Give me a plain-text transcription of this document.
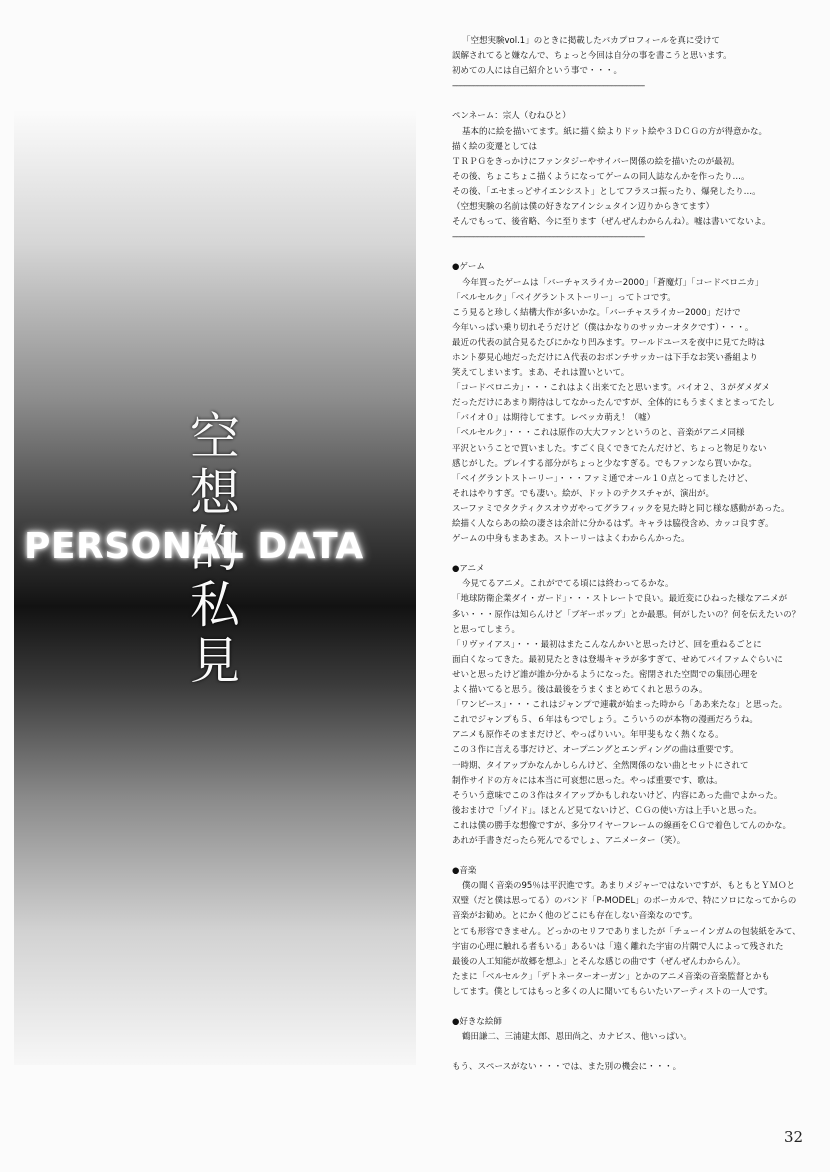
空想的私見
PERSONAL DATA
「空想実験vol.1」のときに掲載したバカプロフィールを真に受けて
誤解されてると嫌なんで、ちょっと今回は自分の事を書こうと思います。
初めての人には自己紹介という事で・・・。
---------------------------------------------------------------------------------------------
ペンネーム：宗人（むねひと）
基本的に絵を描いてます。紙に描く絵よりドット絵や３ＤＣＧの方が得意かな。
描く絵の変遷としては
ＴＲＰＧをきっかけにファンタジーやサイバー関係の絵を描いたのが最初。
その後、ちょこちょこ描くようになってゲームの同人誌なんかを作ったり…。
その後、「エセまっどサイエンシスト」としてフラスコ振ったり、爆発したり…。
（空想実験の名前は僕の好きなアインシュタイン辺りからきてます）
そんでもって、後省略、今に至ります（ぜんぜんわからんね）。嘘は書いてないよ。
---------------------------------------------------------------------------------------------
●ゲーム
今年買ったゲームは「バーチャスライカー2000」「蒼魔灯」「コードベロニカ」
「ベルセルク」「ベイグラントストーリー」ってトコです。
こう見ると珍しく結構大作が多いかな。「バーチャスライカー2000」だけで
今年いっぱい乗り切れそうだけど（僕はかなりのサッカーオタクです）・・・。
最近の代表の試合見るたびにかなり凹みます。ワールドユースを夜中に見てた時は
ホント夢見心地だっただけにＡ代表のおポンチサッカーは下手なお笑い番組より
笑えてしまいます。まあ、それは置いといて。
「コードベロニカ」・・・これはよく出来てたと思います。バイオ２、３がダメダメ
だっただけにあまり期待はしてなかったんですが、全体的にもうまくまとまってたし
「バイオ０」は期待してます。レベッカ萌え！（嘘）
「ベルセルク」・・・これは原作の大大ファンというのと、音楽がアニメ同様
平沢ということで買いました。すごく良くできてたんだけど、ちょっと物足りない
感じがした。プレイする部分がちょっと少なすぎる。でもファンなら買いかな。
「ベイグラントストーリー」・・・ファミ通でオール１０点とってましたけど、
それはやりすぎ。でも凄い。絵が、ドットのテクスチャが、演出が。
スーファミでタクティクスオウガやってグラフィックを見た時と同じ様な感動があった。
絵描く人ならあの絵の凄さは余計に分かるはず。キャラは脇役含め、カッコ良すぎ。
ゲームの中身もまあまあ。ストーリーはよくわからんかった。
●アニメ
今見てるアニメ。これがでてる頃には終わってるかな。
「地球防衛企業ダイ・ガード」・・・ストレートで良い。最近変にひねった様なアニメが
多い・・・原作は知らんけど「ブギーポップ」とか最悪。何がしたいの？何を伝えたいの？
と思ってしまう。
「リヴァイアス」・・・最初はまたこんなんかいと思ったけど、回を重ねるごとに
面白くなってきた。最初見たときは登場キャラが多すぎて、せめてバイファムぐらいに
せいと思ったけど誰が誰か分かるようになった。密閉された空間での集団心理を
よく描いてると思う。後は最後をうまくまとめてくれと思うのみ。
「ワンピース」・・・これはジャンプで連載が始まった時から「ああ来たな」と思った。
これでジャンプも５、６年はもつでしょう。こういうのが本物の漫画だろうね。
アニメも原作そのままだけど、やっぱりいい。年甲斐もなく熱くなる。
この３作に言える事だけど、オープニングとエンディングの曲は重要です。
一時期、タイアップかなんかしらんけど、全然関係のない曲とセットにされて
制作サイドの方々には本当に可哀想に思った。やっぱ重要です、歌は。
そういう意味でこの３作はタイアップかもしれないけど、内容にあった曲でよかった。
後おまけで「ゾイド」。ほとんど見てないけど、ＣＧの使い方は上手いと思った。
これは僕の勝手な想像ですが、多分ワイヤーフレームの線画をＣＧで着色してんのかな。
あれが手書きだったら死んでるでしょ、アニメーター（笑）。
●音楽
僕の聞く音楽の95％は平沢進です。あまりメジャーではないですが、もともとＹＭＯと
双璧（だと僕は思ってる）のバンド「P-MODEL」のボーカルで、特にソロになってからの
音楽がお勧め。とにかく他のどこにも存在しない音楽なのです。
とても形容できません。どっかのセリフでありましたが「チューインガムの包装紙をみて、
宇宙の心理に触れる者もいる」あるいは「遠く離れた宇宙の片隅で人によって残された
最後の人工知能が故郷を想ふ」とそんな感じの曲です（ぜんぜんわからん）。
たまに「ベルセルク」「デトネーターオーガン」とかのアニメ音楽の音楽監督とかも
してます。僕としてはもっと多くの人に聞いてもらいたいアーティストの一人です。
●好きな絵師
鶴田謙二、三浦建太郎、恩田尚之、カナビス、他いっぱい。
もう、スペースがない・・・では、また別の機会に・・・。
32
